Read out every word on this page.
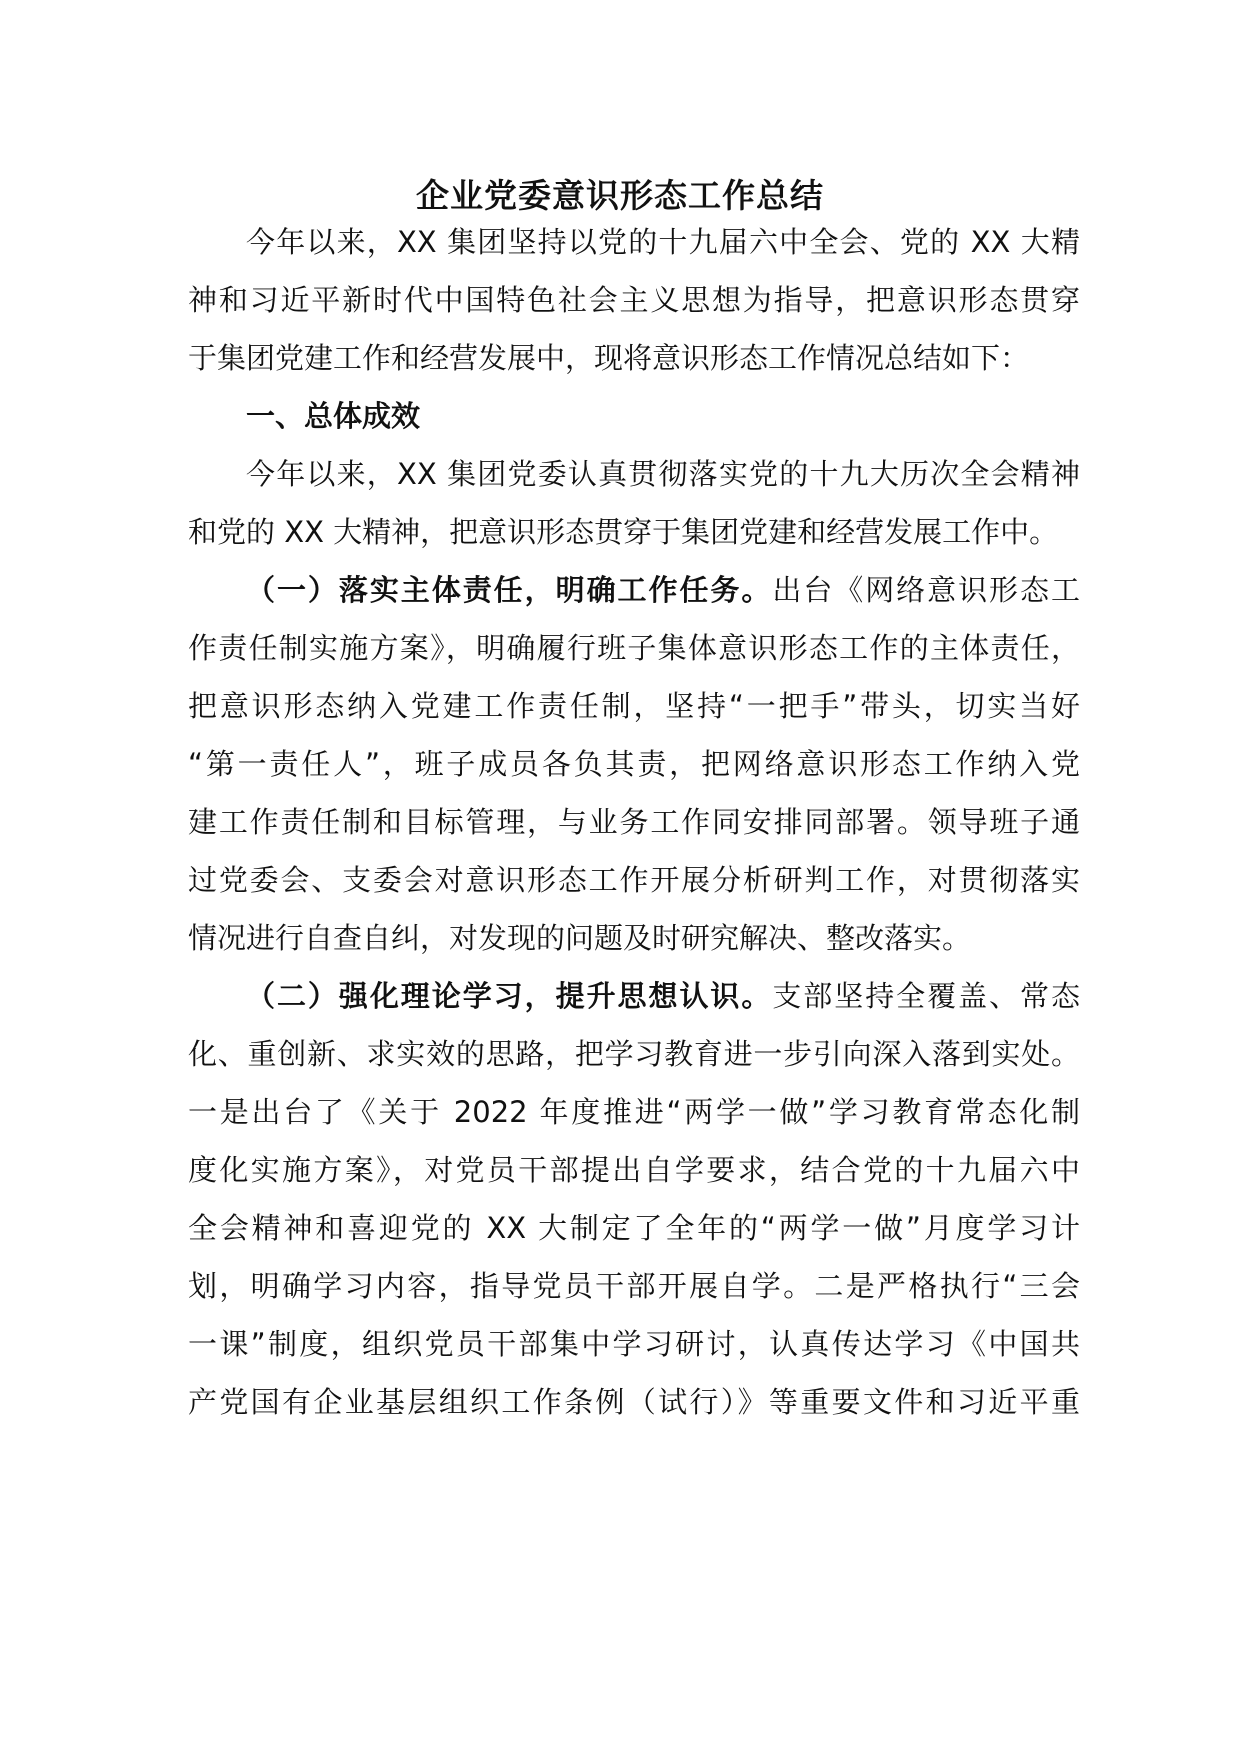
企业党委意识形态工作总结
今年以来，XX 集团坚持以党的十九届六中全会、党的 XX 大精
神和习近平新时代中国特色社会主义思想为指导，把意识形态贯穿
于集团党建工作和经营发展中，现将意识形态工作情况总结如下：
一、总体成效
今年以来，XX 集团党委认真贯彻落实党的十九大历次全会精神
和党的 XX 大精神，把意识形态贯穿于集团党建和经营发展工作中。
（一）落实主体责任，明确工作任务。出台《网络意识形态工
作责任制实施方案》，明确履行班子集体意识形态工作的主体责任，
把意识形态纳入党建工作责任制，坚持“一把手”带头，切实当好
“第一责任人”，班子成员各负其责，把网络意识形态工作纳入党
建工作责任制和目标管理，与业务工作同安排同部署。领导班子通
过党委会、支委会对意识形态工作开展分析研判工作，对贯彻落实
情况进行自查自纠，对发现的问题及时研究解决、整改落实。
（二）强化理论学习，提升思想认识。支部坚持全覆盖、常态
化、重创新、求实效的思路，把学习教育进一步引向深入落到实处。
一是出台了《关于 2022 年度推进“两学一做”学习教育常态化制
度化实施方案》，对党员干部提出自学要求，结合党的十九届六中
全会精神和喜迎党的 XX 大制定了全年的“两学一做”月度学习计
划，明确学习内容，指导党员干部开展自学。二是严格执行“三会
一课”制度，组织党员干部集中学习研讨，认真传达学习《中国共
产党国有企业基层组织工作条例（试行）》等重要文件和习近平重
